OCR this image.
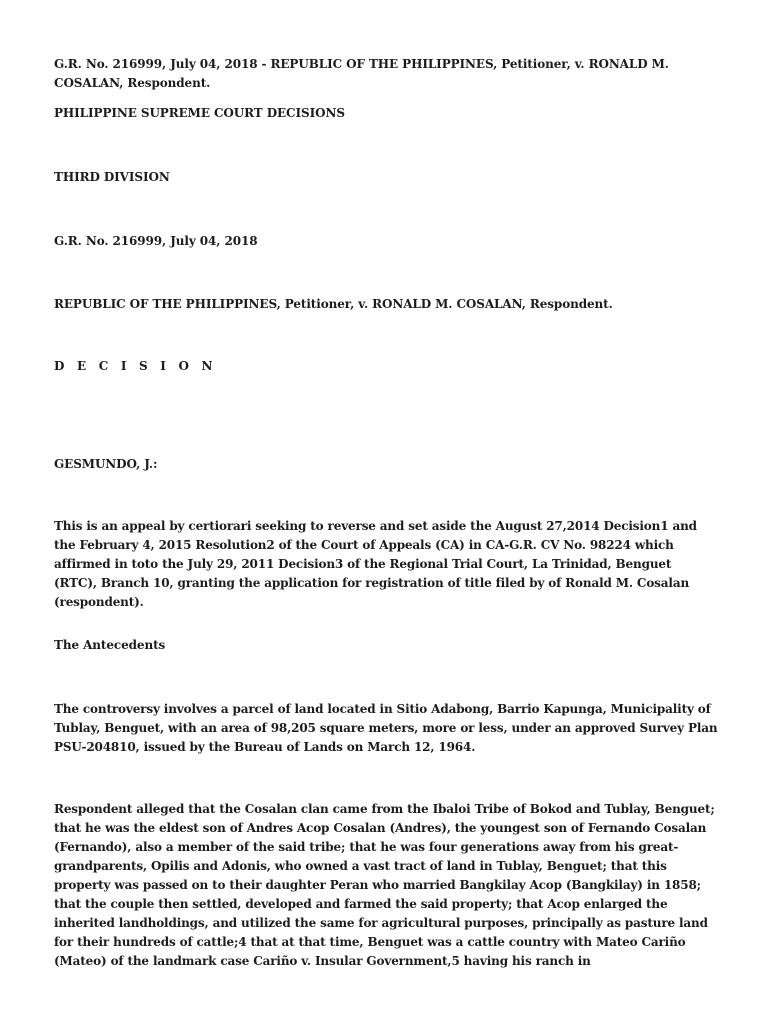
G.R. No. 216999, July 04, 2018 - REPUBLIC OF THE PHILIPPINES, Petitioner, v. RONALD M. COSALAN, Respondent.
PHILIPPINE SUPREME COURT DECISIONS
THIRD DIVISION
G.R. No. 216999, July 04, 2018
REPUBLIC OF THE PHILIPPINES, Petitioner, v. RONALD M. COSALAN, Respondent.
D E C I S I O N
GESMUNDO, J.:
This is an appeal by certiorari seeking to reverse and set aside the August 27,2014 Decision1 and the February 4, 2015 Resolution2 of the Court of Appeals (CA) in CA-G.R. CV No. 98224 which affirmed in toto the July 29, 2011 Decision3 of the Regional Trial Court, La Trinidad, Benguet (RTC), Branch 10, granting the application for registration of title filed by of Ronald M. Cosalan (respondent).
The Antecedents
The controversy involves a parcel of land located in Sitio Adabong, Barrio Kapunga, Municipality of Tublay, Benguet, with an area of 98,205 square meters, more or less, under an approved Survey Plan PSU-204810, issued by the Bureau of Lands on March 12, 1964.
Respondent alleged that the Cosalan clan came from the Ibaloi Tribe of Bokod and Tublay, Benguet; that he was the eldest son of Andres Acop Cosalan (Andres), the youngest son of Fernando Cosalan (Fernando), also a member of the said tribe; that he was four generations away from his great-grandparents, Opilis and Adonis, who owned a vast tract of land in Tublay, Benguet; that this property was passed on to their daughter Peran who married Bangkilay Acop (Bangkilay) in 1858; that the couple then settled, developed and farmed the said property; that Acop enlarged the inherited landholdings, and utilized the same for agricultural purposes, principally as pasture land for their hundreds of cattle;4 that at that time, Benguet was a cattle country with Mateo Cariño (Mateo) of the landmark case Cariño v. Insular Government,5 having his ranch in
